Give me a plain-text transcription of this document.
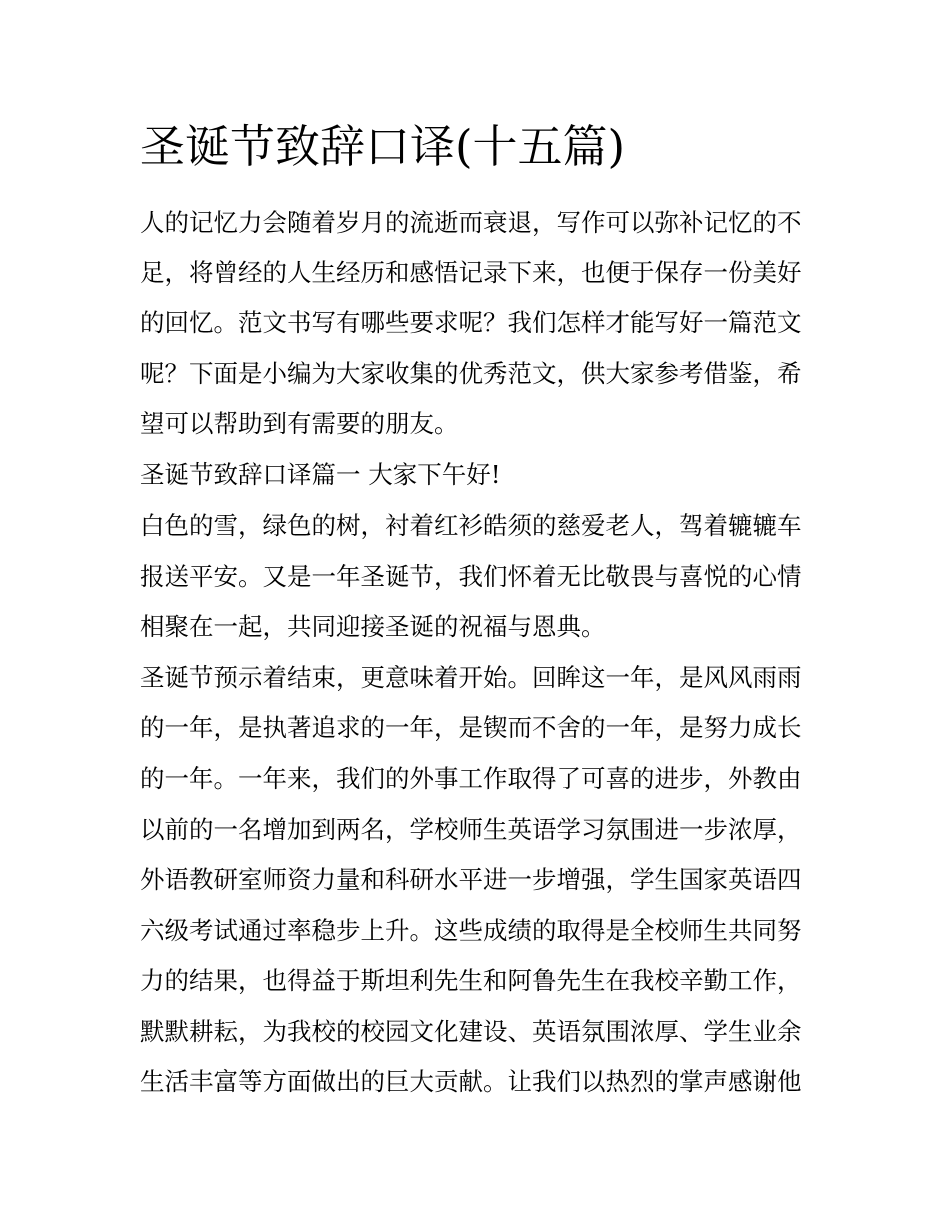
圣诞节致辞口译(十五篇)

人的记忆力会随着岁月的流逝而衰退，写作可以弥补记忆的不

足，将曾经的人生经历和感悟记录下来，也便于保存一份美好

的回忆。范文书写有哪些要求呢？我们怎样才能写好一篇范文

呢？下面是小编为大家收集的优秀范文，供大家参考借鉴，希

望可以帮助到有需要的朋友。

圣诞节致辞口译篇一 大家下午好!

白色的雪，绿色的树，衬着红衫皓须的慈爱老人，驾着辘辘车

报送平安。又是一年圣诞节，我们怀着无比敬畏与喜悦的心情

相聚在一起，共同迎接圣诞的祝福与恩典。

圣诞节预示着结束，更意味着开始。回眸这一年，是风风雨雨

的一年，是执著追求的一年，是锲而不舍的一年，是努力成长

的一年。一年来，我们的外事工作取得了可喜的进步，外教由

以前的一名增加到两名，学校师生英语学习氛围进一步浓厚，

外语教研室师资力量和科研水平进一步增强，学生国家英语四

六级考试通过率稳步上升。这些成绩的取得是全校师生共同努

力的结果，也得益于斯坦利先生和阿鲁先生在我校辛勤工作，

默默耕耘，为我校的校园文化建设、英语氛围浓厚、学生业余

生活丰富等方面做出的巨大贡献。让我们以热烈的掌声感谢他
